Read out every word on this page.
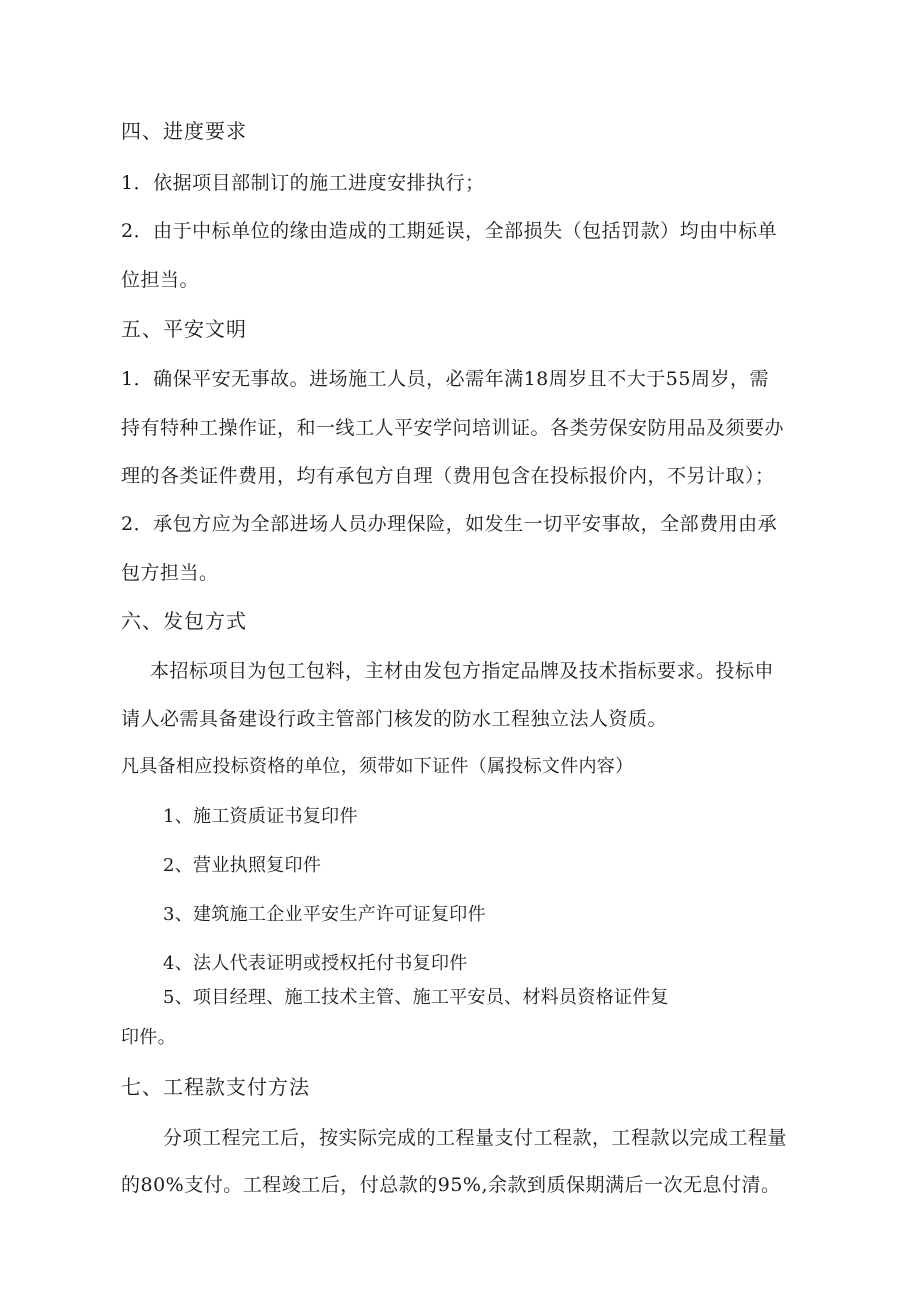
四、进度要求
1．依据项目部制订的施工进度安排执行；
2．由于中标单位的缘由造成的工期延误，全部损失（包括罚款）均由中标单
位担当。
五、平安文明
1．确保平安无事故。进场施工人员，必需年满18周岁且不大于55周岁，需
持有特种工操作证，和一线工人平安学问培训证。各类劳保安防用品及须要办
理的各类证件费用，均有承包方自理（费用包含在投标报价内，不另计取）；
2．承包方应为全部进场人员办理保险，如发生一切平安事故，全部费用由承
包方担当。
六、发包方式
本招标项目为包工包料，主材由发包方指定品牌及技术指标要求。投标申
请人必需具备建设行政主管部门核发的防水工程独立法人资质。
凡具备相应投标资格的单位，须带如下证件（属投标文件内容）
1、施工资质证书复印件
2、营业执照复印件
3、建筑施工企业平安生产许可证复印件
4、法人代表证明或授权托付书复印件
5、项目经理、施工技术主管、施工平安员、材料员资格证件复
印件。
七、工程款支付方法
分项工程完工后，按实际完成的工程量支付工程款，工程款以完成工程量
的80%支付。工程竣工后，付总款的95%,余款到质保期满后一次无息付清。
